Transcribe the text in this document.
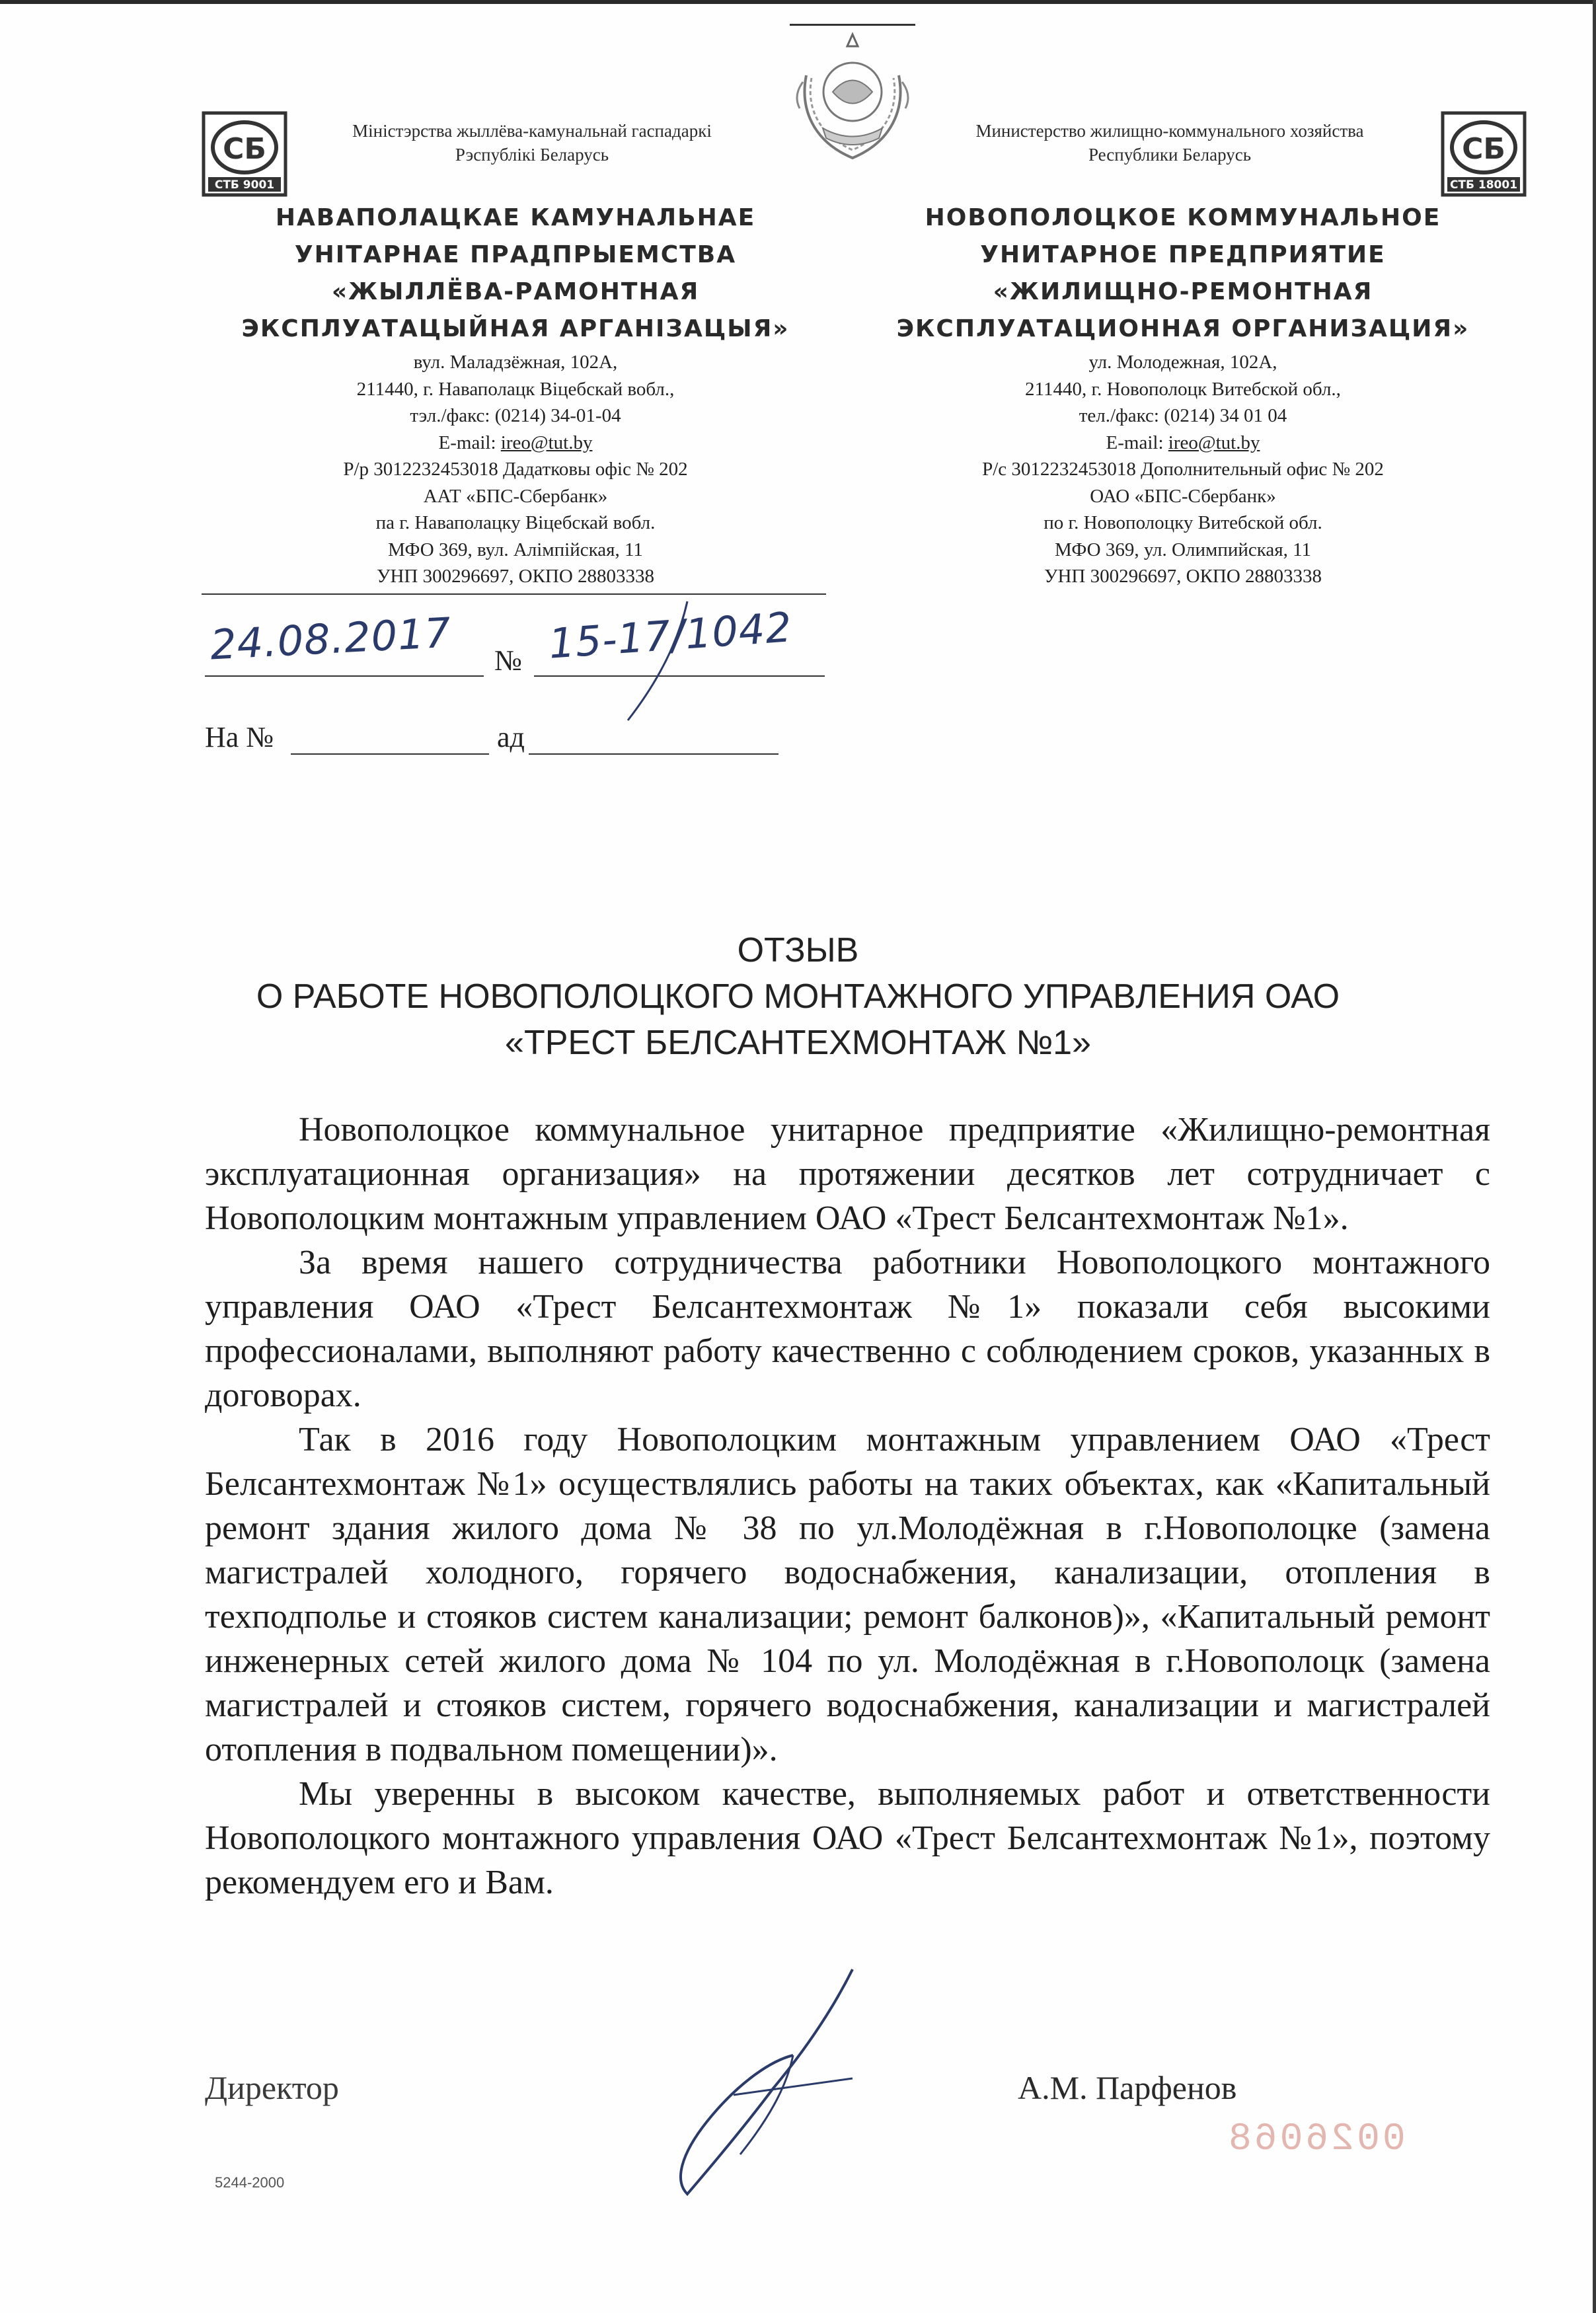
СБ
СТБ 9001
СБ
СТБ 18001
Міністэрства жыллёва-камунальнай гаспадаркі
Рэспублікі Беларусь
Министерство жилищно-коммунального хозяйства
Республики Беларусь
НАВАПОЛАЦКАЕ КАМУНАЛЬНАЕ
УНІТАРНАЕ ПРАДПРЫЕМСТВА
«ЖЫЛЛЁВА-РАМОНТНАЯ
ЭКСПЛУАТАЦЫЙНАЯ АРГАНІЗАЦЫЯ»
НОВОПОЛОЦКОЕ КОММУНАЛЬНОЕ
УНИТАРНОЕ ПРЕДПРИЯТИЕ
«ЖИЛИЩНО-РЕМОНТНАЯ
ЭКСПЛУАТАЦИОННАЯ ОРГАНИЗАЦИЯ»
вул. Маладзёжная, 102А,
211440, г. Наваполацк Віцебскай вобл.,
тэл./факс: (0214) 34-01-04
E-mail: ireo@tut.by
Р/р 3012232453018 Дадатковы офіс № 202
ААТ «БПС-Сбербанк»
па г. Наваполацку Віцебскай вобл.
МФО 369, вул. Алімпійская, 11
УНП 300296697, ОКПО 28803338
ул. Молодежная, 102А,
211440, г. Новополоцк Витебской обл.,
тел./факс: (0214) 34 01 04
E-mail: ireo@tut.by
Р/с 3012232453018 Дополнительный офис № 202
ОАО «БПС-Сбербанк»
по г. Новополоцку Витебской обл.
МФО 369, ул. Олимпийская, 11
УНП 300296697, ОКПО 28803338
24.08.2017 № 15-17/1042
На №	ад
ОТЗЫВ
О РАБОТЕ НОВОПОЛОЦКОГО МОНТАЖНОГО УПРАВЛЕНИЯ ОАО
«ТРЕСТ БЕЛСАНТЕХМОНТАЖ №1»

Новополоцкое коммунальное унитарное предприятие «Жилищно-ремонтная эксплуатационная организация» на протяжении десятков лет сотрудничает с Новополоцким монтажным управлением ОАО «Трест Белсантехмонтаж №1».

За время нашего сотрудничества работники Новополоцкого монтажного управления ОАО «Трест Белсантехмонтаж №1» показали себя высокими профессионалами, выполняют работу качественно с соблюдением сроков, указанных в договорах.

Так в 2016 году Новополоцким монтажным управлением ОАО «Трест Белсантехмонтаж №1» осуществлялись работы на таких объектах, как «Капитальный ремонт здания жилого дома № 38 по ул.Молодёжная в г.Новополоцке (замена магистралей холодного, горячего водоснабжения, канализации, отопления в техподполье и стояков систем канализации; ремонт балконов)», «Капитальный ремонт инженерных сетей жилого дома № 104 по ул. Молодёжная в г.Новополоцк (замена магистралей и стояков систем, горячего водоснабжения, канализации и магистралей отопления в подвальном помещении)».

Мы уверенны в высоком качестве, выполняемых работ и ответственности Новополоцкого монтажного управления ОАО «Трест Белсантехмонтаж №1», поэтому рекомендуем его и Вам.

Директор	А.М. Парфенов
5244-2000
0026068
